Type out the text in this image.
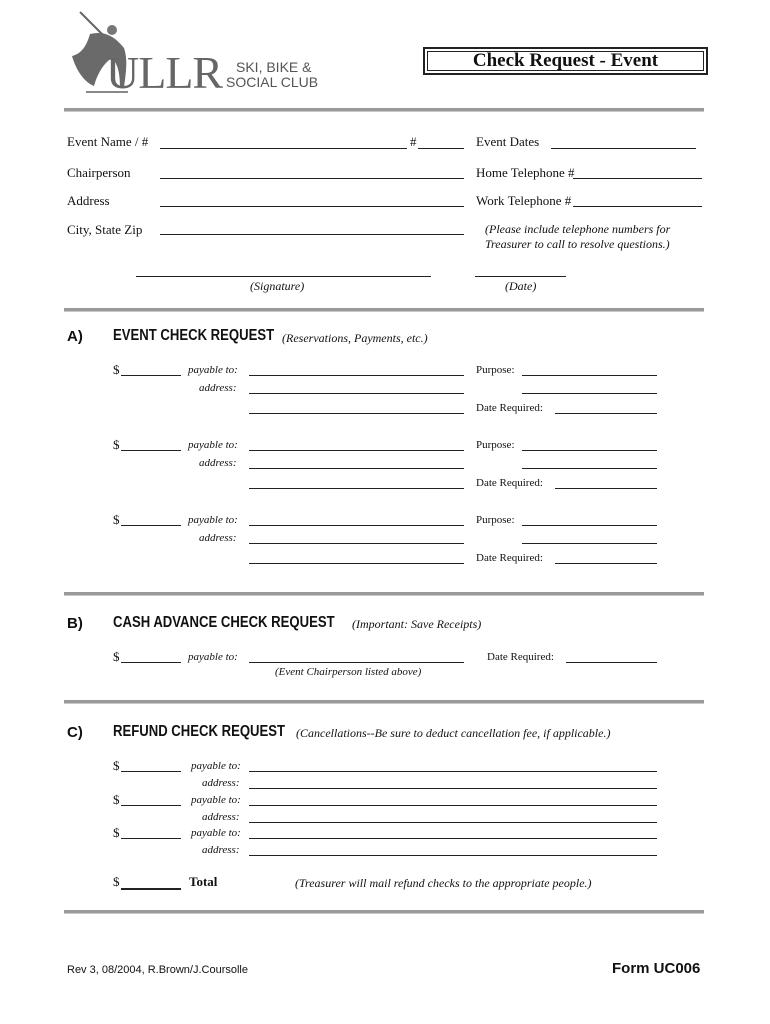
ULLR SKI, BIKE &
SOCIAL CLUB
Check Request - Event
Event Name / #	#	Event Dates
Chairperson	Home Telephone #
Address	Work Telephone #
City, State Zip	(Please include telephone numbers for
Treasurer to call to resolve questions.)
(Signature)	(Date)
A) EVENT CHECK REQUEST (Reservations, Payments, etc.)
$	payable to:
address:
Purpose:
Date Required:
$	payable to:
address:
Purpose:
Date Required:
$	payable to:
address:
Purpose:
Date Required:
B) CASH ADVANCE CHECK REQUEST (Important: Save Receipts)
$	payable to:
(Event Chairperson listed above)
Date Required:
C) REFUND CHECK REQUEST (Cancellations--Be sure to deduct cancellation fee, if applicable.)
$	payable to:
address:
$	payable to:
address:
$	payable to:
address:
$	Total	(Treasurer will mail refund checks to the appropriate people.)
Rev 3, 08/2004, R.Brown/J.Coursolle	Form UC006
